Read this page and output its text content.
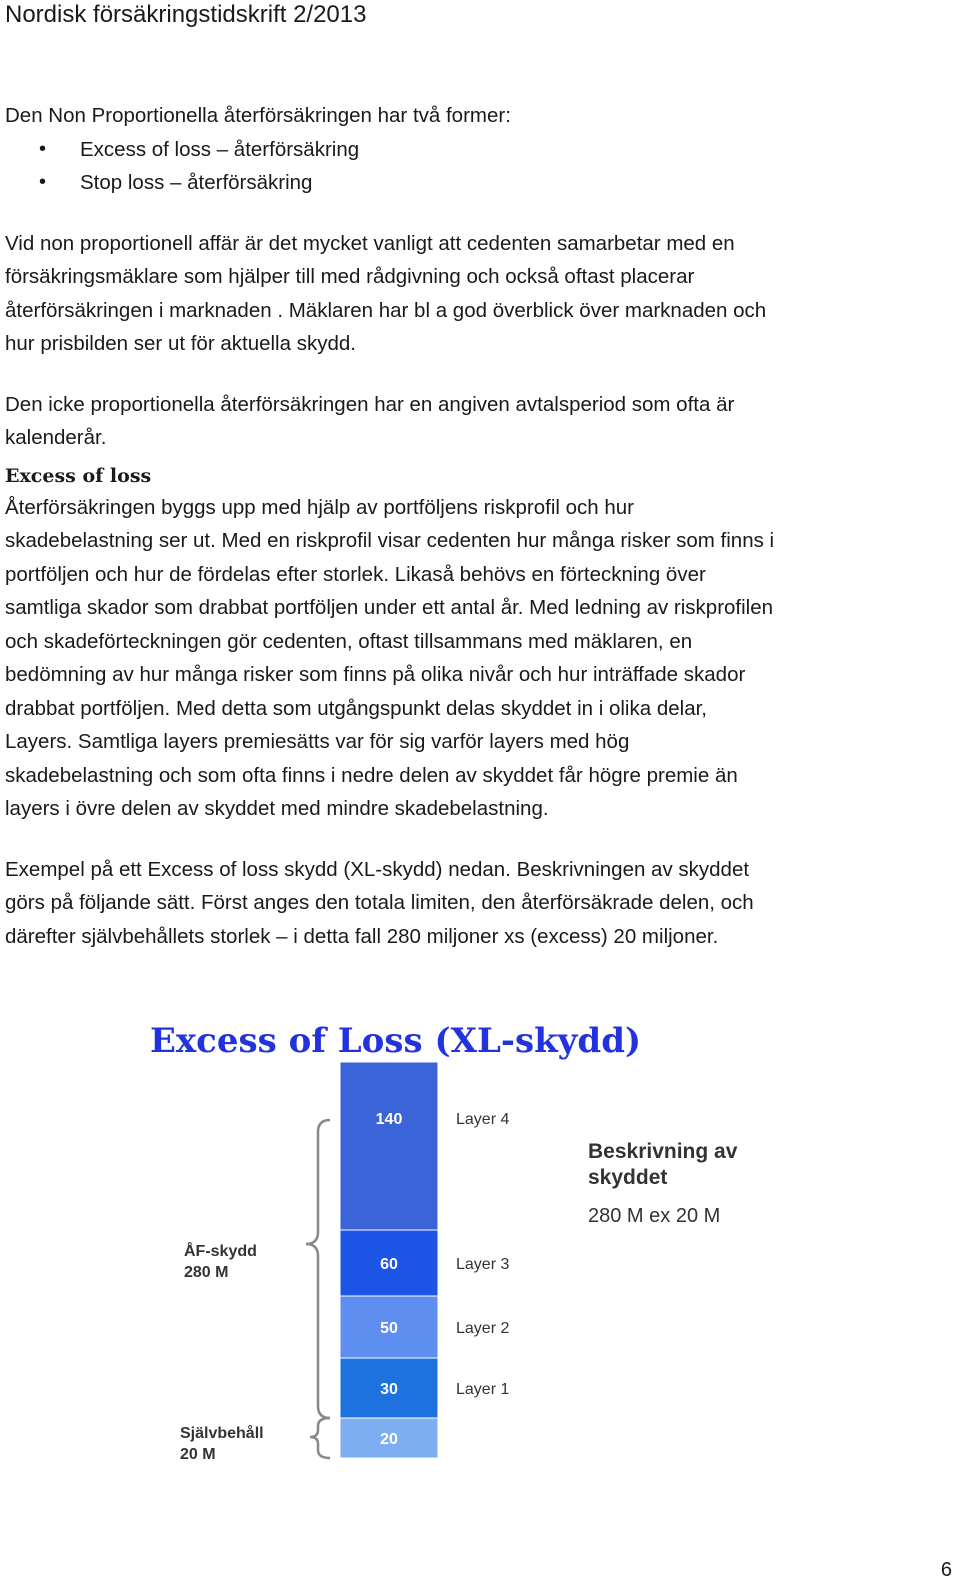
Nordisk försäkringstidskrift 2/2013

Den Non Proportionella återförsäkringen har två former:

• Excess of loss – återförsäkring
• Stop loss – återförsäkring

Vid non proportionell affär är det mycket vanligt att cedenten samarbetar med en
försäkringsmäklare som hjälper till med rådgivning och också oftast placerar
återförsäkringen i marknaden . Mäklaren har bl a god överblick över marknaden och
hur prisbilden ser ut för aktuella skydd.

Den icke proportionella återförsäkringen har en angiven avtalsperiod som ofta är
kalenderår.

Excess of loss

Återförsäkringen byggs upp med hjälp av portföljens riskprofil och hur
skadebelastning ser ut. Med en riskprofil visar cedenten hur många risker som finns i
portföljen och hur de fördelas efter storlek. Likaså behövs en förteckning över
samtliga skador som drabbat portföljen under ett antal år. Med ledning av riskprofilen
och skadeförteckningen gör cedenten, oftast tillsammans med mäklaren, en
bedömning av hur många risker som finns på olika nivår och hur inträffade skador
drabbat portföljen. Med detta som utgångspunkt delas skyddet in i olika delar,
Layers. Samtliga layers premiesätts var för sig varför layers med hög
skadebelastning och som ofta finns i nedre delen av skyddet får högre premie än
layers i övre delen av skyddet med mindre skadebelastning.

Exempel på ett Excess of loss skydd (XL-skydd) nedan. Beskrivningen av skyddet
görs på följande sätt. Först anges den totala limiten, den återförsäkrade delen, och
därefter självbehållets storlek – i detta fall 280 miljoner xs (excess) 20 miljoner.

Excess of Loss (XL-skydd)
20
30	Layer 1
50	Layer 2
60	Layer 3
140	Layer 4
ÅF-skydd
280 M
Självbehåll
20 M
Beskrivning av
skyddet
280 M ex 20 M
6
